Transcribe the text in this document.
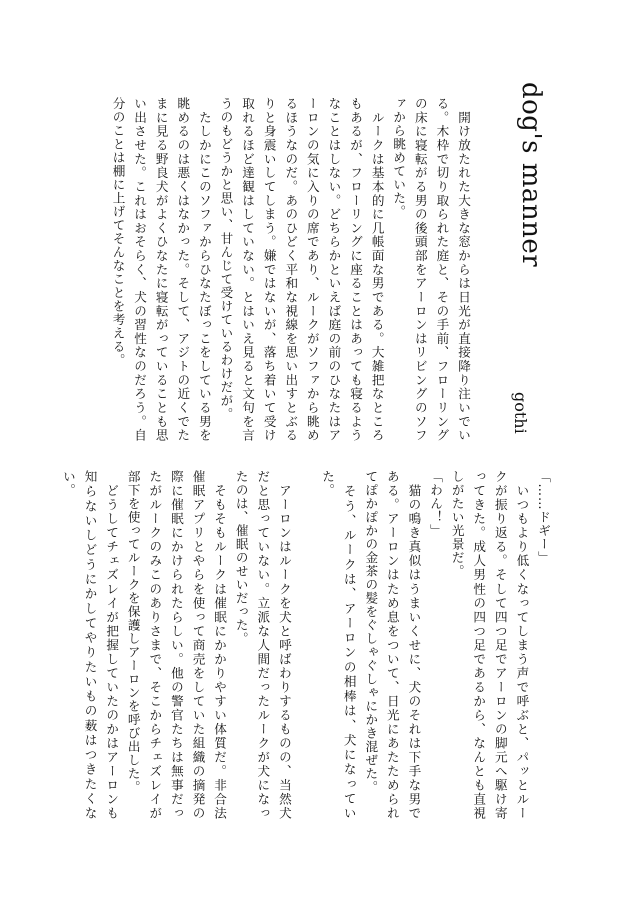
dog's manner
gothi

　開け放たれた大きな窓からは日光が直接降り注いでいる。木枠で切り取られた庭と、その手前、フローリングの床に寝転がる男の後頭部をアーロンはリビングのソファから眺めていた。

　ルークは基本的に几帳面な男である。大雑把なところもあるが、フローリングに座ることはあっても寝るようなことはしない。どちらかといえば庭の前のひなたはアーロンの気に入りの席であり、ルークがソファから眺めるほうなのだ。あのひどく平和な視線を思い出すとぶるりと身震いしてしまう。嫌ではないが、落ち着いて受け取れるほど達観はしていない。とはいえ見ると文句を言うのもどうかと思い、甘んじて受けているわけだが。

　たしかにこのソファからひなたぼっこをしている男を眺めるのは悪くはなかった。そして、アジトの近くでたまに見る野良犬がよくひなたに寝転がっていることも思い出させた。これはおそらく、犬の習性なのだろう。自分のことは棚に上げてそんなことを考える。

「……ドギー」

　いつもより低くなってしまう声で呼ぶと、パッとルークが振り返る。そして四つ足でアーロンの脚元へ駆け寄ってきた。成人男性の四つ足であるから、なんとも直視しがたい光景だ。

「わん！」

　猫の鳴き真似はうまいくせに、犬のそれは下手な男である。アーロンはため息をついて、日光にあたためられてぽかぽかの金茶の髪をぐしゃぐしゃにかき混ぜた。

　そう、ルークは、アーロンの相棒は、犬になっていた。

　アーロンはルークを犬と呼ばわりするものの、当然犬だと思っていない。立派な人間だったルークが犬になったのは、催眠のせいだった。

　そもそもルークは催眠にかかりやすい体質だ。非合法催眠アプリとやらを使って商売をしていた組織の摘発の際に催眠にかけられたらしい。他の警官たちは無事だったがルークのみこのありさまで、そこからチェズレイが部下を使ってルークを保護しアーロンを呼び出した。

　どうしてチェズレイが把握していたのかはアーロンも知らないしどうにかしてやりたいもの薮はつきたくない。
